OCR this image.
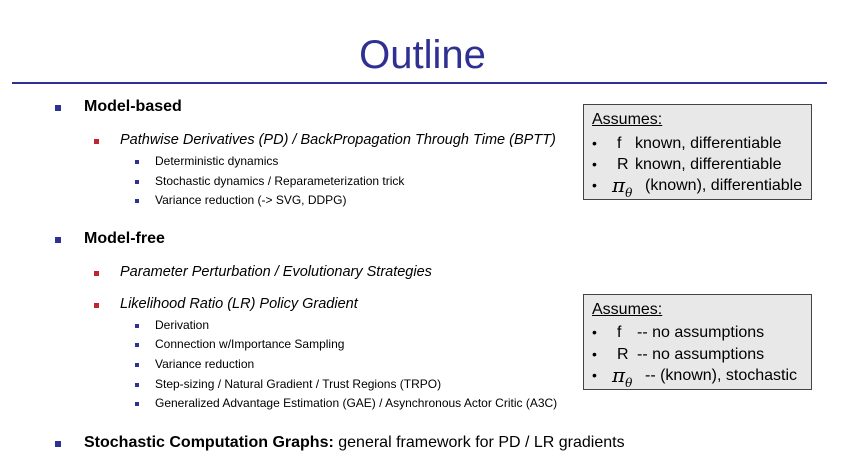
Outline
Model-based
Pathwise Derivatives (PD) / BackPropagation Through Time (BPTT)
Deterministic dynamics
Stochastic dynamics / Reparameterization trick
Variance reduction (-> SVG, DDPG)
Model-free
Parameter Perturbation / Evolutionary Strategies
Likelihood Ratio (LR) Policy Gradient
Derivation
Connection w/Importance Sampling
Variance reduction
Step-sizing / Natural Gradient / Trust Regions (TRPO)
Generalized Advantage Estimation (GAE) / Asynchronous Actor Critic (A3C)
Stochastic Computation Graphs: general framework for PD / LR gradients
Assumes:
• f known, differentiable
• R known, differentiable
• $\pi_\theta$ (known), differentiable
Assumes:
• f -- no assumptions
• R -- no assumptions
• $\pi_\theta$ -- (known), stochastic
